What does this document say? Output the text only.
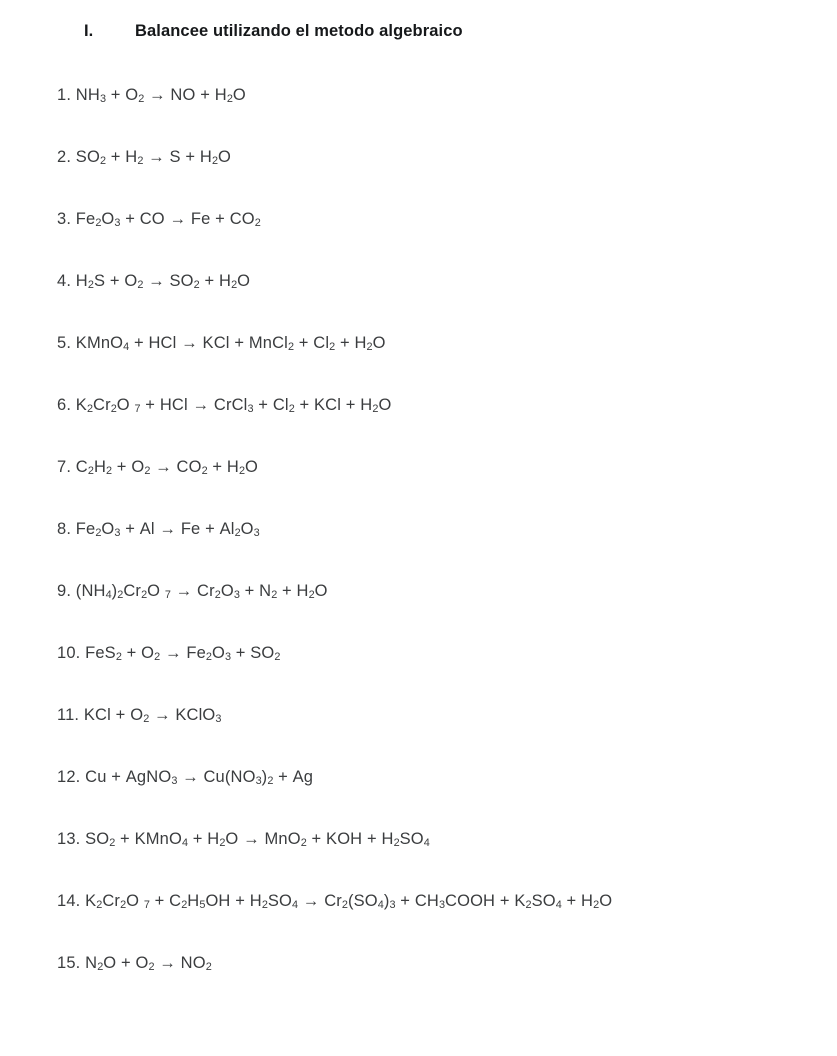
I.	Balancee utilizando el metodo algebraico
1. $NH_3 + O_2$ → NO + $H_2O$
2. $SO_2 + H_2 \to S + H_2O$
3. $Fe_2O_3$ + CO → $Fe + CO_2$
4. $H_2S + O_2 \to SO_2 + H_2O$
5. KMnO$_4$ + HCl → KCl + MnCl$_2$ + $Cl_2 + H_2O$
6. $K_2Cr_2O$ $_7$ + HCl → CrCl$_3$ + $Cl_2$ + KCl + $H_2O$
7. $C_2H_2 + O_2 \to CO_2 + H_2O$
8. $Fe_2O_3 + Al \to Fe + Al_2O_3$
9. $(NH_4)_2Cr_2O$ $_7 \to Cr_2O_3 + N_2 + H_2O$
10. $FeS_2 + O_2 \to Fe_2O_3 + SO_2$
11. KCl + $O_2$ → KClO$_3$
12. Cu + AgNO$_3$ → $Cu(NO_3)_2 + Ag$
13. $SO_2$ + KMnO$_4$ + $H_2O \to MnO_2$ + KOH + $H_2SO_4$
14. $K_2Cr_2O$ $_7 + C_2H_5OH + H_2SO_4 \to Cr_2(SO_4)_3$ + $CH_3COOH + K_2SO_4 + H_2O$
15. $N_2O + O_2 \to NO_2$
